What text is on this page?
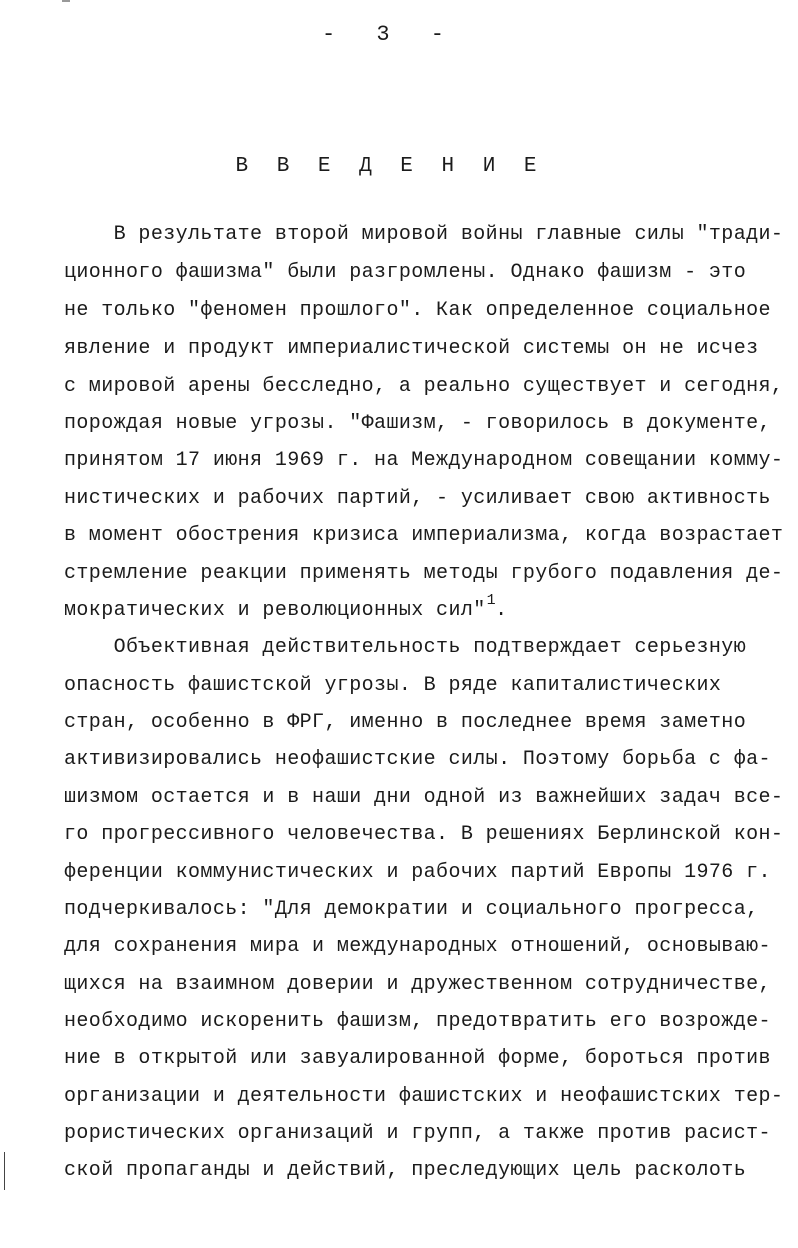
- 3 -
В В Е Д Е Н И Е
В результате второй мировой войны главные силы "тради-
ционного фашизма" были разгромлены. Однако фашизм - это
не только "феномен прошлого". Как определенное социальное
явление и продукт империалистической системы он не исчез
с мировой арены бесследно, а реально существует и сегодня,
порождая новые угрозы. "Фашизм, - говорилось в документе,
принятом 17 июня 1969 г. на Международном совещании комму-
нистических и рабочих партий, - усиливает свою активность
в момент обострения кризиса империализма, когда возрастает
стремление реакции применять методы грубого подавления де-
мократических и революционных сил"$^1$.
Объективная действительность подтверждает серьезную
опасность фашистской угрозы. В ряде капиталистических
стран, особенно в ФРГ, именно в последнее время заметно
активизировались неофашистские силы. Поэтому борьба с фа-
шизмом остается и в наши дни одной из важнейших задач все-
го прогрессивного человечества. В решениях Берлинской кон-
ференции коммунистических и рабочих партий Европы 1976 г.
подчеркивалось: "Для демократии и социального прогресса,
для сохранения мира и международных отношений, основываю-
щихся на взаимном доверии и дружественном сотрудничестве,
необходимо искоренить фашизм, предотвратить его возрожде-
ние в открытой или завуалированной форме, бороться против
организации и деятельности фашистских и неофашистских тер-
рористических организаций и групп, а также против расист-
ской пропаганды и действий, преследующих цель расколоть
